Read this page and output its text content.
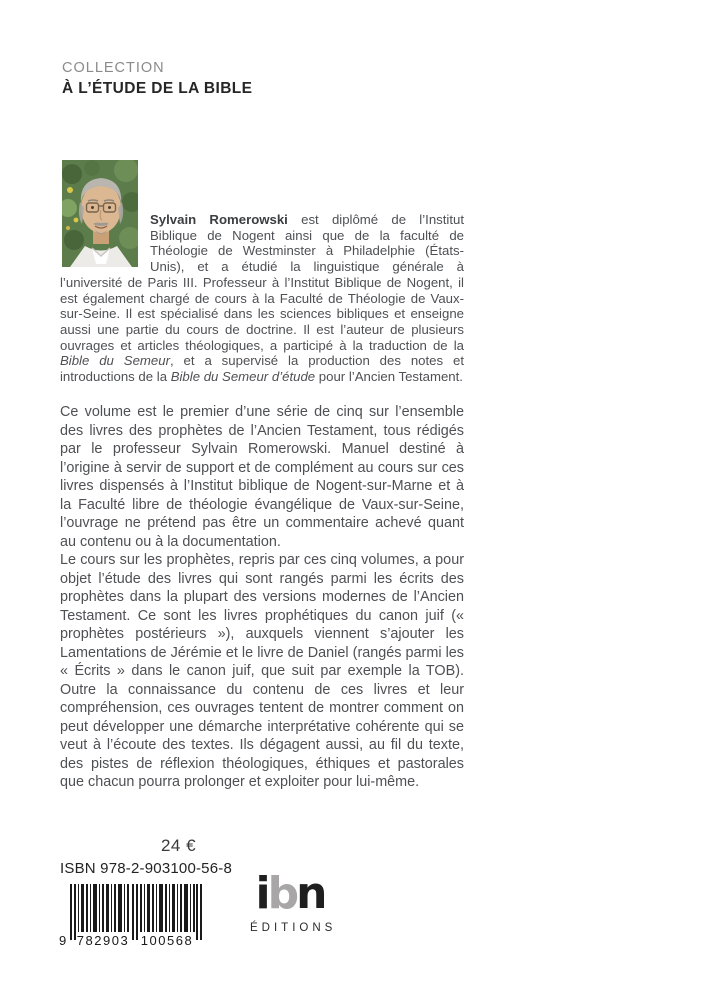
COLLECTION
À L’ÉTUDE DE LA BIBLE

Sylvain Romerowski est diplômé de l’Institut Biblique de Nogent ainsi que de la faculté de Théologie de Westminster à Philadelphie (États-Unis), et a étudié la linguistique générale à l’université de Paris III. Professeur à l’Institut Biblique de Nogent, il est également chargé de cours à la Faculté de Théologie de Vaux-sur-Seine. Il est spécialisé dans les sciences bibliques et enseigne aussi une partie du cours de doctrine. Il est l’auteur de plusieurs ouvrages et articles théologiques, a participé à la traduction de la Bible du Semeur, et a supervisé la production des notes et introductions de la Bible du Semeur d’étude pour l’Ancien Testament.

Ce volume est le premier d’une série de cinq sur l’ensemble des livres des prophètes de l’Ancien Testament, tous rédigés par le professeur Sylvain Romerowski. Manuel destiné à l’origine à servir de support et de complément au cours sur ces livres dispensés à l’Institut biblique de Nogent-sur-Marne et à la Faculté libre de théologie évangélique de Vaux-sur-Seine, l’ouvrage ne prétend pas être un commentaire achevé quant au contenu ou à la documentation.

Le cours sur les prophètes, repris par ces cinq volumes, a pour objet l’étude des livres qui sont rangés parmi les écrits des prophètes dans la plupart des versions modernes de l’Ancien Testament. Ce sont les livres prophétiques du canon juif (« prophètes postérieurs »), auxquels viennent s’ajouter les Lamentations de Jérémie et le livre de Daniel (rangés parmi les « Écrits » dans le canon juif, que suit par exemple la TOB). Outre la connaissance du contenu de ces livres et leur compréhension, ces ouvrages tentent de montrer comment on peut développer une démarche interprétative cohérente qui se veut à l’écoute des textes. Ils dégagent aussi, au fil du texte, des pistes de réflexion théologiques, éthiques et pastorales que chacun pourra prolonger et exploiter pour lui-même.

24 €
ISBN 978-2-903100-56-8
9 782903 100568
ibn
ÉDITIONS
